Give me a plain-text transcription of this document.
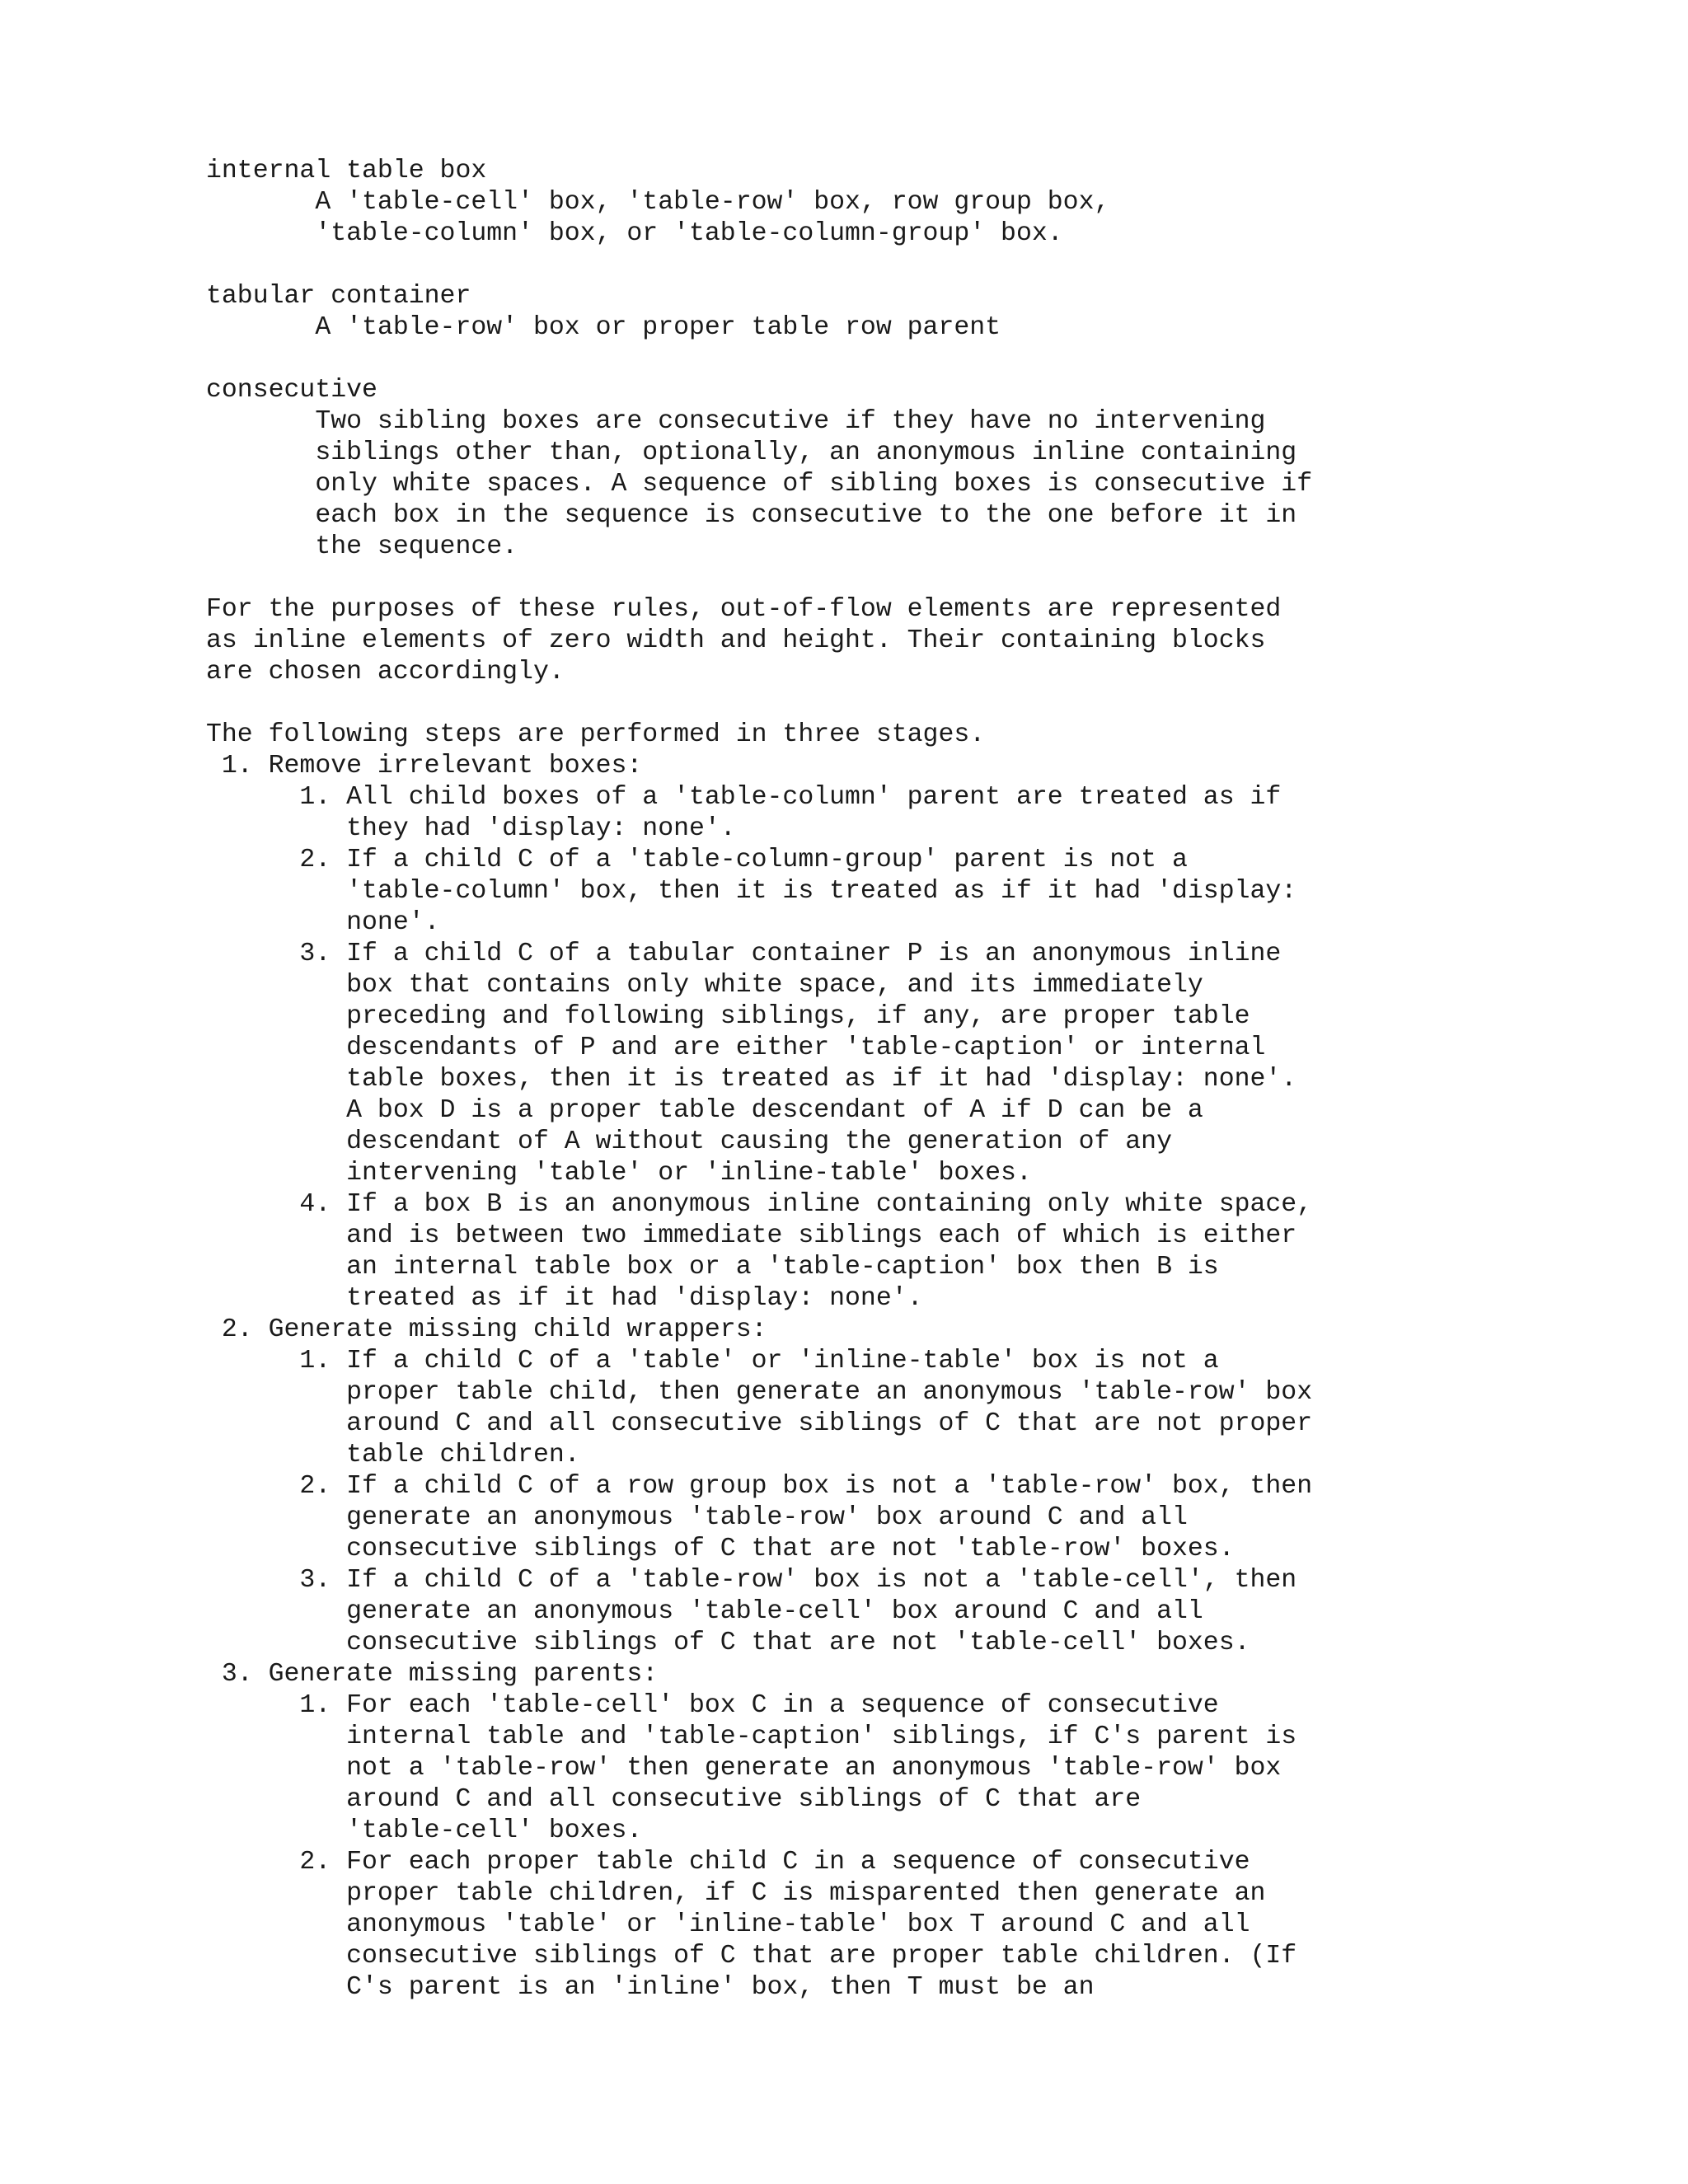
internal table box
A 'table-cell' box, 'table-row' box, row group box,
'table-column' box, or 'table-column-group' box.
tabular container
A 'table-row' box or proper table row parent
consecutive
Two sibling boxes are consecutive if they have no intervening
siblings other than, optionally, an anonymous inline containing
only white spaces. A sequence of sibling boxes is consecutive if
each box in the sequence is consecutive to the one before it in
the sequence.
For the purposes of these rules, out-of-flow elements are represented
as inline elements of zero width and height. Their containing blocks
are chosen accordingly.
The following steps are performed in three stages.
1. Remove irrelevant boxes:
1. All child boxes of a 'table-column' parent are treated as if
they had 'display: none'.
2. If a child C of a 'table-column-group' parent is not a
'table-column' box, then it is treated as if it had 'display:
none'.
3. If a child C of a tabular container P is an anonymous inline
box that contains only white space, and its immediately
preceding and following siblings, if any, are proper table
descendants of P and are either 'table-caption' or internal
table boxes, then it is treated as if it had 'display: none'.
A box D is a proper table descendant of A if D can be a
descendant of A without causing the generation of any
intervening 'table' or 'inline-table' boxes.
4. If a box B is an anonymous inline containing only white space,
and is between two immediate siblings each of which is either
an internal table box or a 'table-caption' box then B is
treated as if it had 'display: none'.
2. Generate missing child wrappers:
1. If a child C of a 'table' or 'inline-table' box is not a
proper table child, then generate an anonymous 'table-row' box
around C and all consecutive siblings of C that are not proper
table children.
2. If a child C of a row group box is not a 'table-row' box, then
generate an anonymous 'table-row' box around C and all
consecutive siblings of C that are not 'table-row' boxes.
3. If a child C of a 'table-row' box is not a 'table-cell', then
generate an anonymous 'table-cell' box around C and all
consecutive siblings of C that are not 'table-cell' boxes.
3. Generate missing parents:
1. For each 'table-cell' box C in a sequence of consecutive
internal table and 'table-caption' siblings, if C's parent is
not a 'table-row' then generate an anonymous 'table-row' box
around C and all consecutive siblings of C that are
'table-cell' boxes.
2. For each proper table child C in a sequence of consecutive
proper table children, if C is misparented then generate an
anonymous 'table' or 'inline-table' box T around C and all
consecutive siblings of C that are proper table children. (If
C's parent is an 'inline' box, then T must be an
